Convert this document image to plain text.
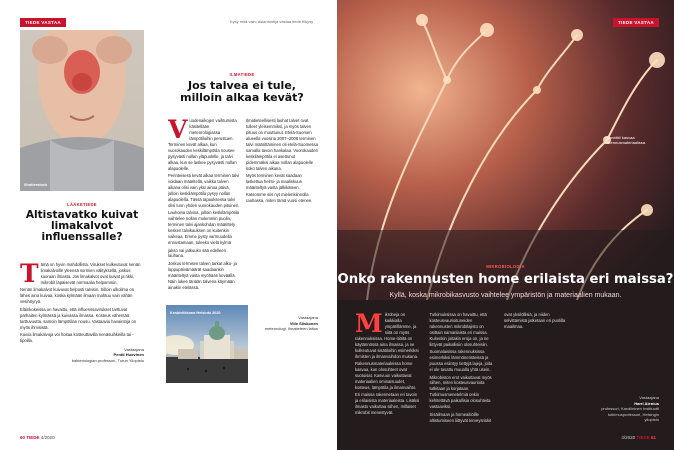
TIEDE VASTAA	Kysy mitä vain; asiantuntija vastaa tiede.fi/kysy
Shutterstock
LÄÄKETIEDE
Altistavatko kuivat limakalvot influenssalle?
T ämä on hyvin mahdollista. Virukset kulkeutuvat nenän limakalvoille yleensä sormien välityksellä, joskus suoraan ilmasta. Jos limakalvot ovat kuivat ja rikki, mikrobit läpäisevät normaalia helpommin.

Nenän limakalvot kuivuvat helposti talvisin. Silloin ulkoilma on lähes aina kuivaa, koska kylmään ilmaan mahtuu vain vähän vesihöyryä.

Eläinkokeissa on havaittu, että influenssavirukset tarttuvat parhaiten kylmässä ja kuivassa ilmassa. Kosteus vähentää tarttuvuutta, samoin lämpötilan nousu. Vastaavia havaintoja on myös ihmisistä.

Kuivia limakalvoja voi hoitaa kosteuttavilla nenäsuihkeilla tai -tipoilla.

Vastaajana
Pentti Huovinen
bakteriologian professori, Turun Yliopisto
ILMATIEDE
Jos talvea ei tule, milloin alkaa kevät?
V uodenaikojen vaihtumista käsitellään meteorologiassa lämpötiloihin perustuen. Terminen kevät alkaa, kun vuorokauden keskilämpötila nousee pysyvästi nollan yläpuolelle, ja talvi alkaa, kun se laskee pysyvästi nollan alapuolelle.

Perinteisesti kevät alkaa terminen talvi voidaan määritellä, vaikka talven aikana olisi vain yksi ainoa päivä, jolloin keskilämpötila pysyy nollan alapuolella. Tässä tapauksessa talvi olisi tuon yhden vuorokauden pituinen.

Lauhoina talvina, jolloin keskilämpötila vaihtelee nollan molemmin puolin, terminen talvi ajankohdan määrittely kesken talvikauksen on kuitenkin vaikeaa. Emme pysty varmuudella ennustamaan, tuleeko vielä kylmä

jakso vai jatkuuko sää edelleen lauhana.

Joskus termisen talven tarkat alku- ja loppupäivämäärät saadaankin määriteltyä vasta myöhään keväällä. Näin lukee tänään talvena käymään ainakin etelässä.

Ilmatieteellisesti lauhat talvet ovat tulleet yleisemmiksi, ja myös talven pituus on muuttunut. Etelä-Suomen alueella vuosina 2007–2008 terminen talvi määrittäminen oli etelä-Suomessa samalla tavoin hankalaa. Vuorokauden keskilämpötila ei asettunut pidemmäksi aikaa nollan alapuolelle koko talven aikana.

Myös terminen kevät saadaan laskettua helmi- ja maaliskuun määriteltyä vasta jälkikäteen.

Katsomme siis nyt mielenkiinnolla rauhassa, miten tämä vuosi etenee.

Vastaajana
Ville Siiskonen
meteorologi, Ilmatieteen laitos
Keskiviikkona Helsinki 2020
60 TIEDE 4/2020
TIEDE VASTAA
Homeitiö kasvaa rakennusmateriaalissa.
MIKROBIOLOGIA
Onko rakennusten home erilaista eri maissa?
Kyllä, koska mikrobikasvusto vaihtelee ympäristön ja materiaalien mukaan.
M ikrobeja on kaikkialla ympärillämme, ja niitä on myös rakennuksissa. Home-itiöitä on käytännössä aina ilmassa, ja ne kulkeutuvat sisätiloihin esimerkiksi ihmisten ja ilmanvaihdon mukana.

Rakennusmateriaaleissa home kasvaa, kun olosuhteet ovat suotuisat. Kasvuun vaikuttavat materiaalien ominaisuudet, kosteus, lämpötila ja ilmanvaihto.

Eri maissa rakennetaan eri tavoin ja erilaisista materiaaleista. Lisäksi ilmasto vaikuttaa siihen, millaiset mikrobit menestyvät.

Tutkimuksissa on havaittu, että kosteusvaurioituneiden rakennusten mikrobilajisto on osittain samanlaista eri maissa. Kuitenkin joitakin eroja on, ja ne liittyvät paikallisiin olosuhteisiin.

Suomalaisissa rakennuksissa esimerkiksi lämmöneristeissä ja puussa esiintyy tiettyjä lajeja, joita ei ole tavattu muualla yhtä usein.

Mikrobiston erot vaikuttavat myös siihen, miten kosteusvaurioita tutkitaan ja korjataan. Tutkimusmenetelmiä onkin kehitettävä paikallisia olosuhteita vastaaviksi.

Sisäilmaan ja homeaitiöille altistumiseen liittyvät terveysriskit ovat yksilöllisiä, ja niiden selvittämistä jatketaan eri puolilla maailmaa.

Vastaajana
Harri Alenius
professori, Karoliininen Instituutti tutkimusprofessori, Helsingin yliopisto
4/2020 TIEDE 61
